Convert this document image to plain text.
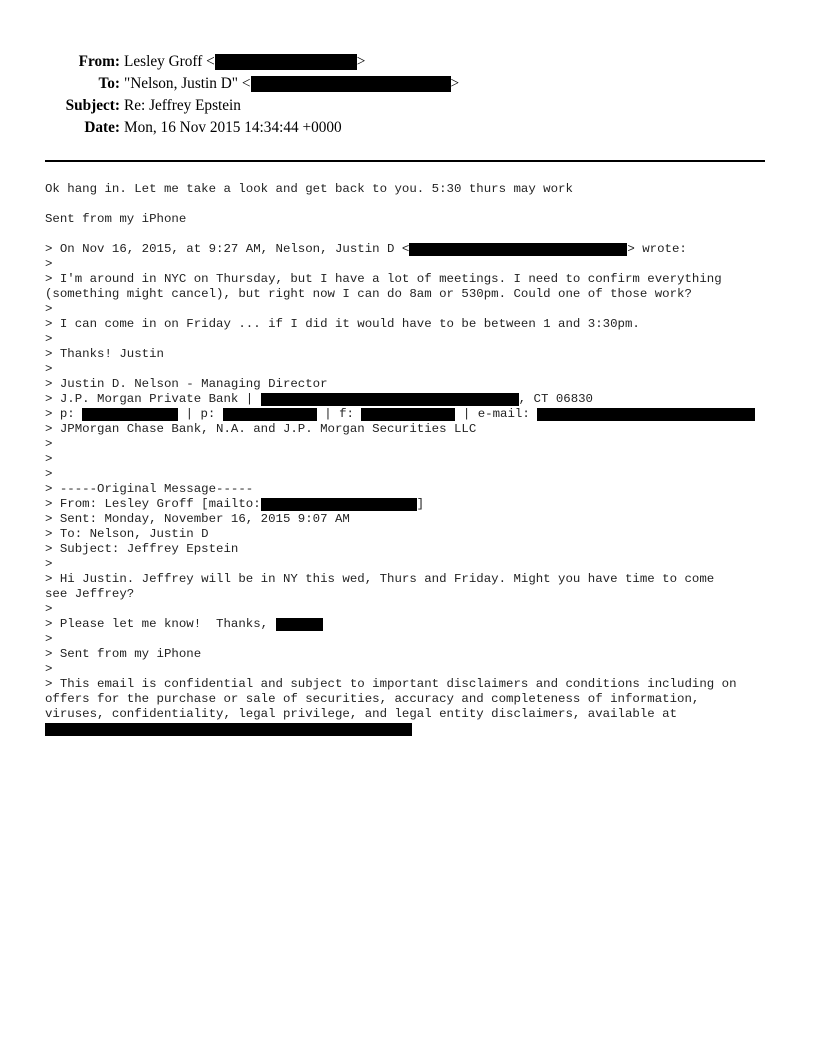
From: Lesley Groff <	>
To: "Nelson, Justin D" <	>
Subject: Re: Jeffrey Epstein
Date: Mon, 16 Nov 2015 14:34:44 +0000
Ok hang in. Let me take a look and get back to you. 5:30 thurs may work
Sent from my iPhone
> On Nov 16, 2015, at 9:27 AM, Nelson, Justin D <	> wrote:
>
> I'm around in NYC on Thursday, but I have a lot of meetings. I need to confirm everything
(something might cancel), but right now I can do 8am or 530pm. Could one of those work?
>
> I can come in on Friday ... if I did it would have to be between 1 and 3:30pm.
>
> Thanks! Justin
>
> Justin D. Nelson - Managing Director
> J.P. Morgan Private Bank |	, CT 06830
> p:	| p:	| f:	| e-mail:
> JPMorgan Chase Bank, N.A. and J.P. Morgan Securities LLC
>
>
>
> -----Original Message-----
> From: Lesley Groff [mailto:	]
> Sent: Monday, November 16, 2015 9:07 AM
> To: Nelson, Justin D
> Subject: Jeffrey Epstein
>
> Hi Justin. Jeffrey will be in NY this wed, Thurs and Friday. Might you have time to come
see Jeffrey?
>
> Please let me know!  Thanks,
>
> Sent from my iPhone
>
> This email is confidential and subject to important disclaimers and conditions including on
offers for the purchase or sale of securities, accuracy and completeness of information,
viruses, confidentiality, legal privilege, and legal entity disclaimers, available at
